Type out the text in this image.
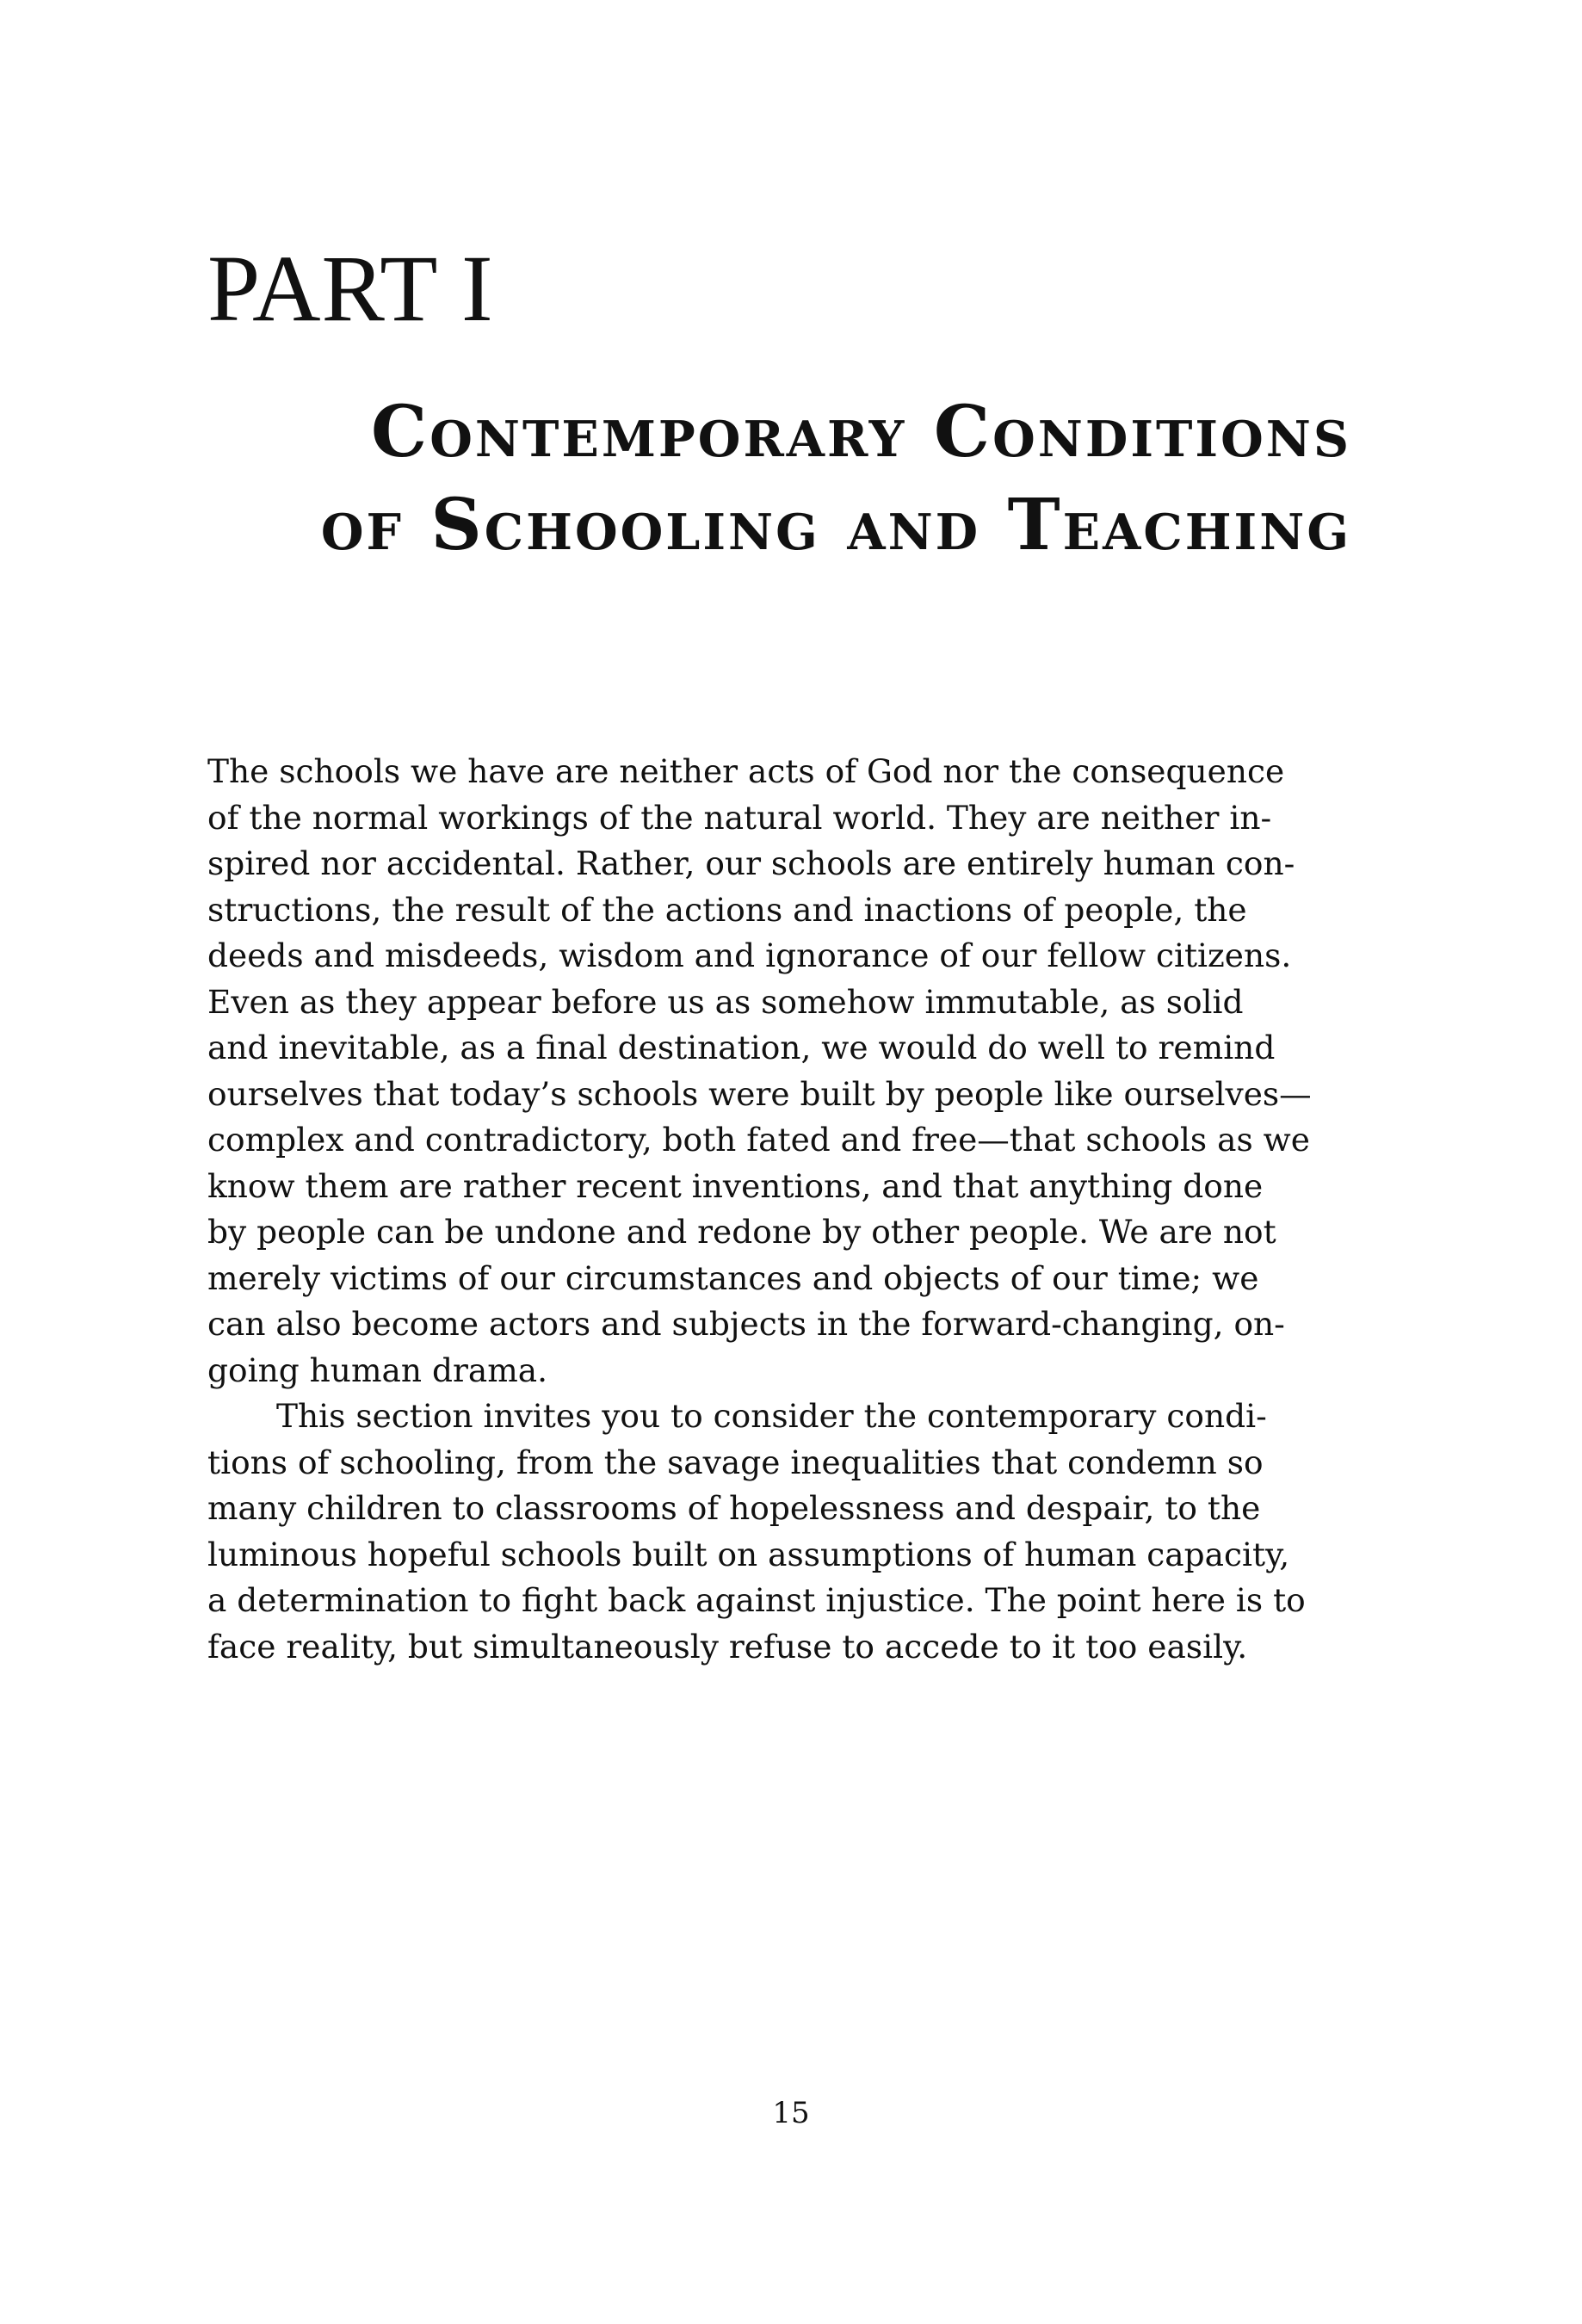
PART I
Contemporary Conditions
of Schooling and Teaching
The schools we have are neither acts of God nor the consequence
of the normal workings of the natural world. They are neither in-
spired nor accidental. Rather, our schools are entirely human con-
structions, the result of the actions and inactions of people, the
deeds and misdeeds, wisdom and ignorance of our fellow citizens.
Even as they appear before us as somehow immutable, as solid
and inevitable, as a final destination, we would do well to remind
ourselves that today’s schools were built by people like ourselves—
complex and contradictory, both fated and free—that schools as we
know them are rather recent inventions, and that anything done
by people can be undone and redone by other people. We are not
merely victims of our circumstances and objects of our time; we
can also become actors and subjects in the forward-changing, on-
going human drama.
This section invites you to consider the contemporary condi-
tions of schooling, from the savage inequalities that condemn so
many children to classrooms of hopelessness and despair, to the
luminous hopeful schools built on assumptions of human capacity,
a determination to fight back against injustice. The point here is to
face reality, but simultaneously refuse to accede to it too easily.
15
